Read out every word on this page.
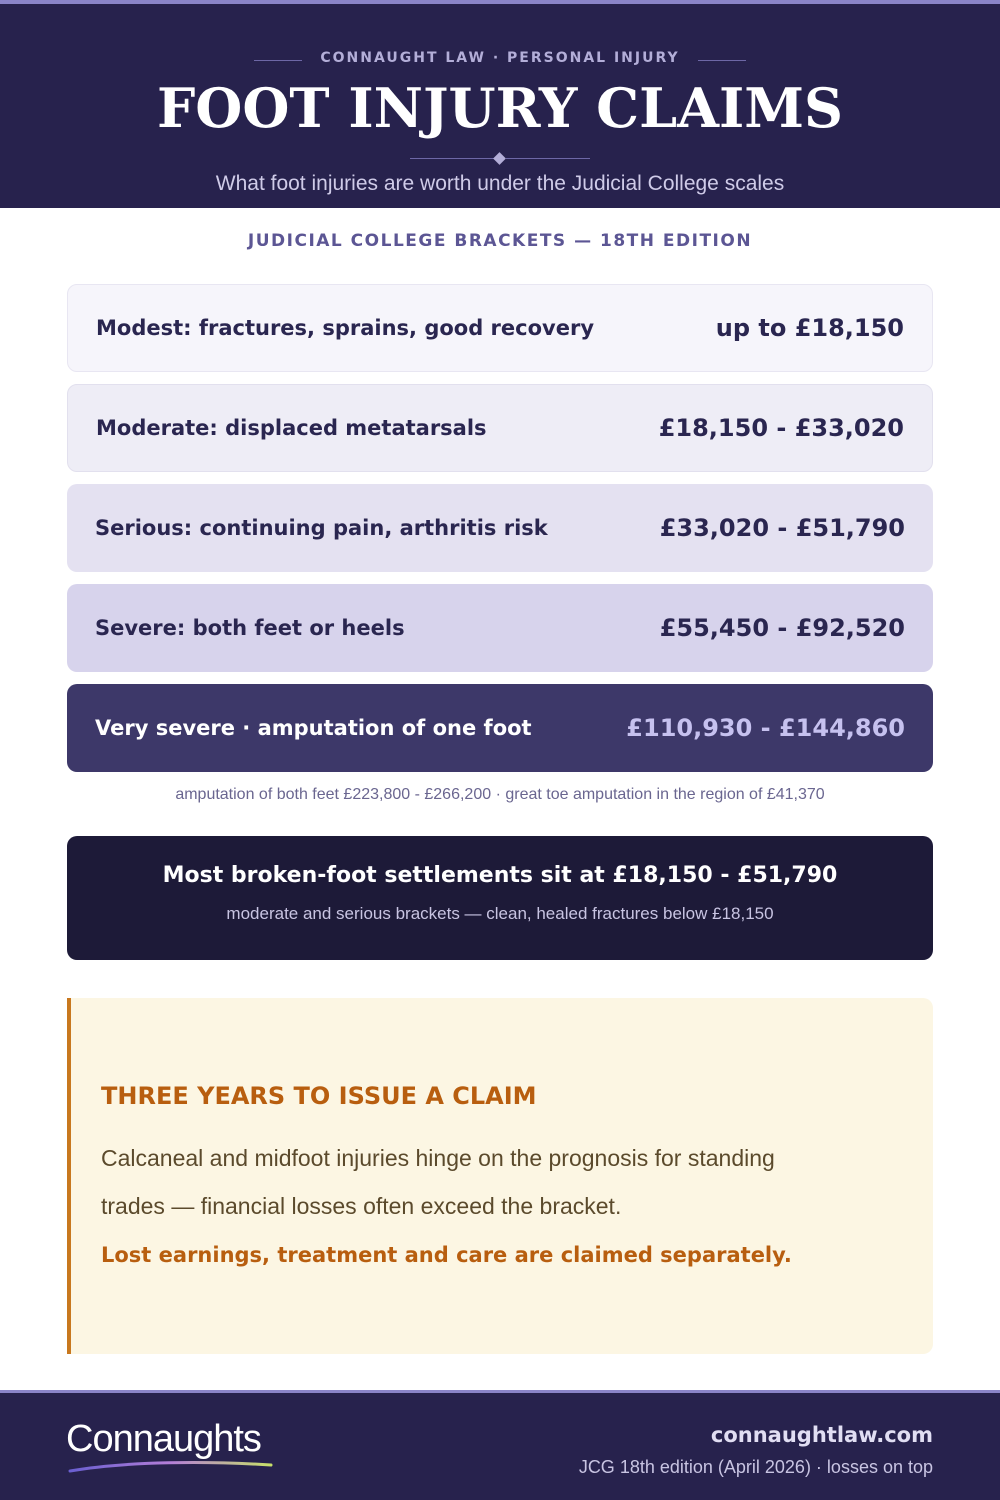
CONNAUGHT LAW · PERSONAL INJURY
FOOT INJURY CLAIMS
What foot injuries are worth under the Judicial College scales
JUDICIAL COLLEGE BRACKETS — 18TH EDITION
Modest: fractures, sprains, good recovery	up to £18,150
Moderate: displaced metatarsals	£18,150 - £33,020
Serious: continuing pain, arthritis risk	£33,020 - £51,790
Severe: both feet or heels	£55,450 - £92,520
Very severe · amputation of one foot	£110,930 - £144,860
amputation of both feet £223,800 - £266,200 · great toe amputation in the region of £41,370
Most broken-foot settlements sit at £18,150 - £51,790
moderate and serious brackets — clean, healed fractures below £18,150
THREE YEARS TO ISSUE A CLAIM
Calcaneal and midfoot injuries hinge on the prognosis for standing trades — financial losses often exceed the bracket.
Lost earnings, treatment and care are claimed separately.
Connaughts	connaughtlaw.com
JCG 18th edition (April 2026) · losses on top
